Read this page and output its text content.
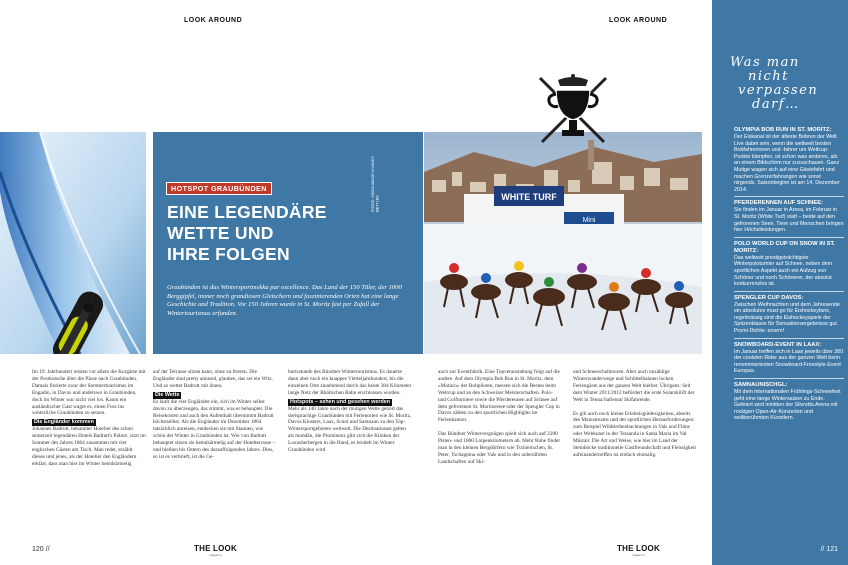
LOOK AROUND	LOOK AROUND
HOTSPOT GRAUBÜNDEN
EINE LEGENDÄRE
WETTE UND
IHRE FOLGEN
Graubünden ist das Wintersportmekka par excellence. Das Land der 150 Täler, der 1000 Berggipfel, immer noch grandiosen Gletschern und faszinierenden Orten hat eine lange Geschichte und Tradition. Vor 150 Jahren wurde in St. Moritz fast per Zufall der Wintertourismus erfunden.
FOTOS: SWISS-IMAGE.CH/ANDY METTLER	WHITE TURF
Mini

Im 19. Jahrhundert reisten vor allem die Kurgäste mit der Postkutsche über die Pässe nach Graubünden. Damals florierte zwar der Sommertourismus im Engadin, in Davos und anderswo in Graubünden, doch im Winter war nicht viel los. Kaum ein ausländischer Gast wagte es, einen Fuss ins winterliche Graubünden zu setzen.

Die Engländer kommen

Johannes Badrutt, bekannter Hotelier des schon seinerzeit legendären Hotels Badrutt's Palace, sitzt im Sommer des Jahres 1864 zusammen mit vier englischen Gästen am Tisch. Man redet, erzählt dieses und jenes, als der Hotelier den Engländern erklärt, dass man hier im Winter hemdsärmelig

auf der Terrasse sitzen kann, ohne zu frieren. Die Engländer sind pretty amused, glauben, das sei ein Witz. Und so wettet Badrutt mit ihnen.

Die Wette

Es läuft die vier Engländer ein, sich im Winter selbst davon zu überzeugen, das stimmt, was er behauptet. Die Reisekosten und auch den Aufenthalt übernimmt Badrutt höchstselbst. Als die Engländer im Dezember 1864 tatsächlich anreisen, entdecken sie mit Staunen, wie schön der Winter in Graubünden ist. Wie von Badrutt behauptet sitzen sie hemdsärmelig auf der Hotelterrasse – und bleiben bis Ostern des darauffolgenden Jahres. Dies, so ist es verbrieft, ist die Ge-

burtsstunde des Bündner Wintertourismus. Es dauerte dann aber noch ein knappes Vierteljahrhundert, bis die einzelnen Orte zunehmend durch das heute 384 Kilometer lange Netz der Rhätischen Bahn erschlossen wurden.

Hotspots – sehen und gesehen werden

Mehr als 140 Jahre nach der mutigen Wette gehört das dreisprachige Graubünden mit Ferienorten wie St. Moritz, Davos Klosters, Laax, Scuol und Samnaun zu den Top-Wintersportgebieten weltweit. Die Destinationen gelten als mondän, die Prominenz gibt sich die Klinken der Luxusherbergen in die Hand, es brodelt im Winter. Graubünden wird

auch zur Eventfabrik. Eine Topveranstaltung folgt auf die andere. Auf dem Olympia Bob Run in St. Moritz, dem «Motaco» der Bobpiloten, messen sich die Besten beim Weltcup und an den Schweizer Meisterschaften. Polo- und Golfturniere sowie die Pferderennen auf Schnee auf dem gefrorenen St. Moritzersee oder der Spengler Cup in Davos zählen zu den sportlichen Highlights im Ferienkanton.

Das Bündner Wintervergnügen spielt sich auch auf 2200 Pisten- und 1800 Loipenkilometern ab. Mehr Ruhe findet man in den kleinen Bergdörfern wie Tschiertschen, St. Peter, Tschappina oder Vals und in den unberührten Landschaften auf Ski-

und Schneeschuhtouren. Aber auch unzählige Winterwanderwege und Schlittelbahnen locken Feriengäste aus der ganzen Welt hierher. Übrigens: Seit dem Winter 2011/2012 befördert die erste Solarskilift der Welt in Tenna/Safiental Skifahrende.

Es gib auch noch kleine Erlebnisgütdesigkeiten, abseits des Mainstreams und der sportlichen Herausforderungen: zum Beispiel Wildtierbeobachtungen in Vals und Flims oder Webkunst in der Tessanda in Santa Maria im Val Müstair. Die Art und Weise, wie hier im Land der Steinböcke traditionelle Gastfreundschaft und Fleissigkeit aufeinandertreffen ist einfach einmalig.

Was man
nicht
verpassen
darf…
OLYMPIA BOB RUN IN ST. MORITZ:
Der Eiskanal ist der älteste Bobrun der Welt. Live dabei sein, wenn die weltweit besten Bobfahrerinnen und -fahrer um Weltcup-Punkte kämpfen, ist schon was anderes, als an einem Bildschirm nur zuzuschauen. Ganz Mutige wagen sich auf eine Gästefahrt und machen Grenzerfahrungen wie sonst nirgends. Saisonbeginn ist am 14. Dezember 2014.
PFERDERENNEN AUF SCHNEE:
Sie finden im Januar in Arosa, im Februar in St. Moritz (White Turf) statt – beide auf den gefrorenen Seen. Tiere und Menschen bringen hier Höchstleistungen.
POLO WORLD CUP ON SNOW IN ST. MORITZ:
Das weltweit prestigeträchtigste Winterpoloturnier auf Schnee, neben dem sportlichen Aspekt auch ein Aufzug von Schöner und noch Schönerer, der absolut konkurrenzlos ist.
SPENGLER CUP DAVOS:
Zwischen Weihnachten und dem Jahresende ein absolutes must go für Eishockeyfans, regelmässig sind die Eishockeyspiele der Spitzenklasse für Sensationsergebnisse gut. Promi-Dichte: enorm!
SNOWBOARD-EVENT IN LAAX:
Im Januar treffen sich in Laax jeweils über 300 der coolsten Rider aus der ganzen Welt beim renommiertesten Snowboard-Freestyle-Event Europas.
SAMNAUNISCHGL:
Mit dem internationalen Frühlings-Schneefest geht eine lange Wintersaison zu Ende. Gefeiert wird inmitten der Silvretta Arena mit rockigen Open-Air-Konzerten und weltberühmten Künstlern.
// 121
120 //	THE LOOK
magazin
THE LOOK
magazin
